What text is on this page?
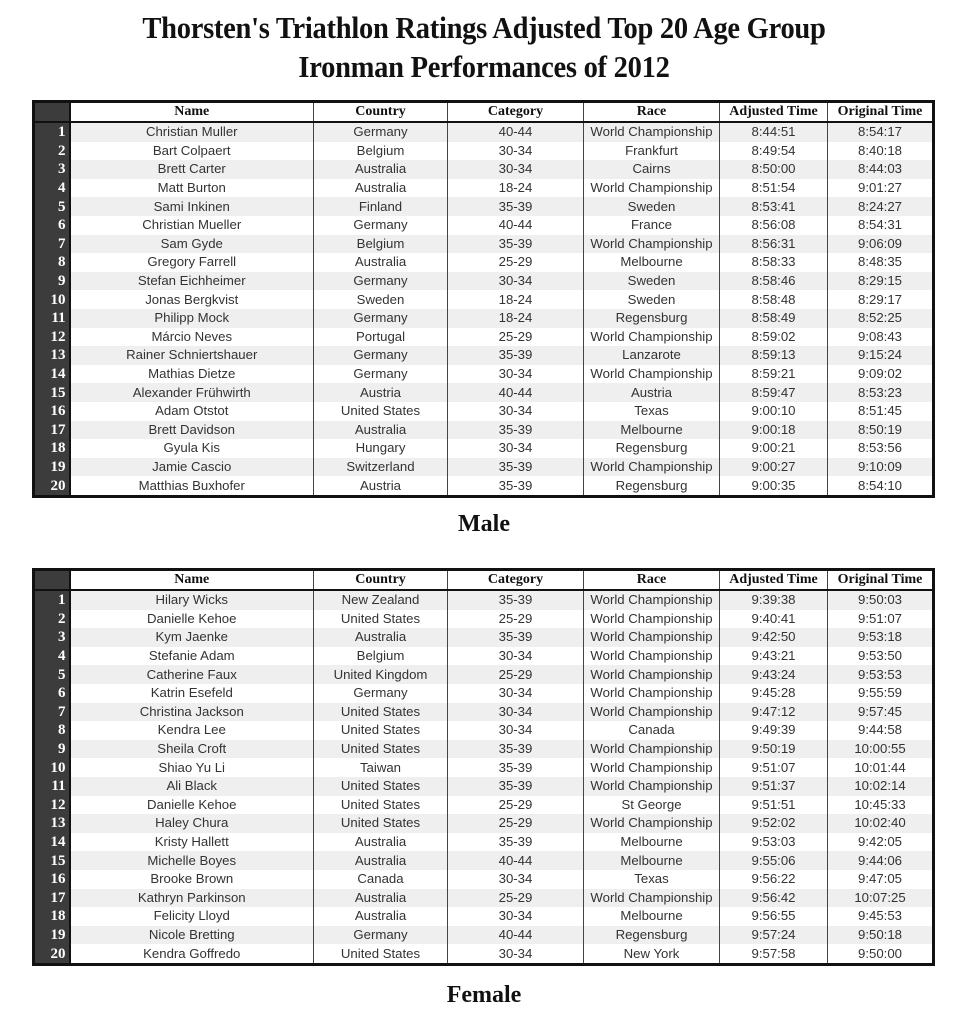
Thorsten's Triathlon Ratings Adjusted Top 20 Age Group
Ironman Performances of 2012
	Name	Country	Category	Race	Adjusted Time	Original Time
1	Christian Muller	Germany	40-44	World Championship	8:44:51	8:54:17
2	Bart Colpaert	Belgium	30-34	Frankfurt	8:49:54	8:40:18
3	Brett Carter	Australia	30-34	Cairns	8:50:00	8:44:03
4	Matt Burton	Australia	18-24	World Championship	8:51:54	9:01:27
5	Sami Inkinen	Finland	35-39	Sweden	8:53:41	8:24:27
6	Christian Mueller	Germany	40-44	France	8:56:08	8:54:31
7	Sam Gyde	Belgium	35-39	World Championship	8:56:31	9:06:09
8	Gregory Farrell	Australia	25-29	Melbourne	8:58:33	8:48:35
9	Stefan Eichheimer	Germany	30-34	Sweden	8:58:46	8:29:15
10	Jonas Bergkvist	Sweden	18-24	Sweden	8:58:48	8:29:17
11	Philipp Mock	Germany	18-24	Regensburg	8:58:49	8:52:25
12	Márcio Neves	Portugal	25-29	World Championship	8:59:02	9:08:43
13	Rainer Schniertshauer	Germany	35-39	Lanzarote	8:59:13	9:15:24
14	Mathias Dietze	Germany	30-34	World Championship	8:59:21	9:09:02
15	Alexander Frühwirth	Austria	40-44	Austria	8:59:47	8:53:23
16	Adam Otstot	United States	30-34	Texas	9:00:10	8:51:45
17	Brett Davidson	Australia	35-39	Melbourne	9:00:18	8:50:19
18	Gyula Kis	Hungary	30-34	Regensburg	9:00:21	8:53:56
19	Jamie Cascio	Switzerland	35-39	World Championship	9:00:27	9:10:09
20	Matthias Buxhofer	Austria	35-39	Regensburg	9:00:35	8:54:10
Male
	Name	Country	Category	Race	Adjusted Time	Original Time
1	Hilary Wicks	New Zealand	35-39	World Championship	9:39:38	9:50:03
2	Danielle Kehoe	United States	25-29	World Championship	9:40:41	9:51:07
3	Kym Jaenke	Australia	35-39	World Championship	9:42:50	9:53:18
4	Stefanie Adam	Belgium	30-34	World Championship	9:43:21	9:53:50
5	Catherine Faux	United Kingdom	25-29	World Championship	9:43:24	9:53:53
6	Katrin Esefeld	Germany	30-34	World Championship	9:45:28	9:55:59
7	Christina Jackson	United States	30-34	World Championship	9:47:12	9:57:45
8	Kendra Lee	United States	30-34	Canada	9:49:39	9:44:58
9	Sheila Croft	United States	35-39	World Championship	9:50:19	10:00:55
10	Shiao Yu Li	Taiwan	35-39	World Championship	9:51:07	10:01:44
11	Ali Black	United States	35-39	World Championship	9:51:37	10:02:14
12	Danielle Kehoe	United States	25-29	St George	9:51:51	10:45:33
13	Haley Chura	United States	25-29	World Championship	9:52:02	10:02:40
14	Kristy Hallett	Australia	35-39	Melbourne	9:53:03	9:42:05
15	Michelle Boyes	Australia	40-44	Melbourne	9:55:06	9:44:06
16	Brooke Brown	Canada	30-34	Texas	9:56:22	9:47:05
17	Kathryn Parkinson	Australia	25-29	World Championship	9:56:42	10:07:25
18	Felicity Lloyd	Australia	30-34	Melbourne	9:56:55	9:45:53
19	Nicole Bretting	Germany	40-44	Regensburg	9:57:24	9:50:18
20	Kendra Goffredo	United States	30-34	New York	9:57:58	9:50:00
Female
